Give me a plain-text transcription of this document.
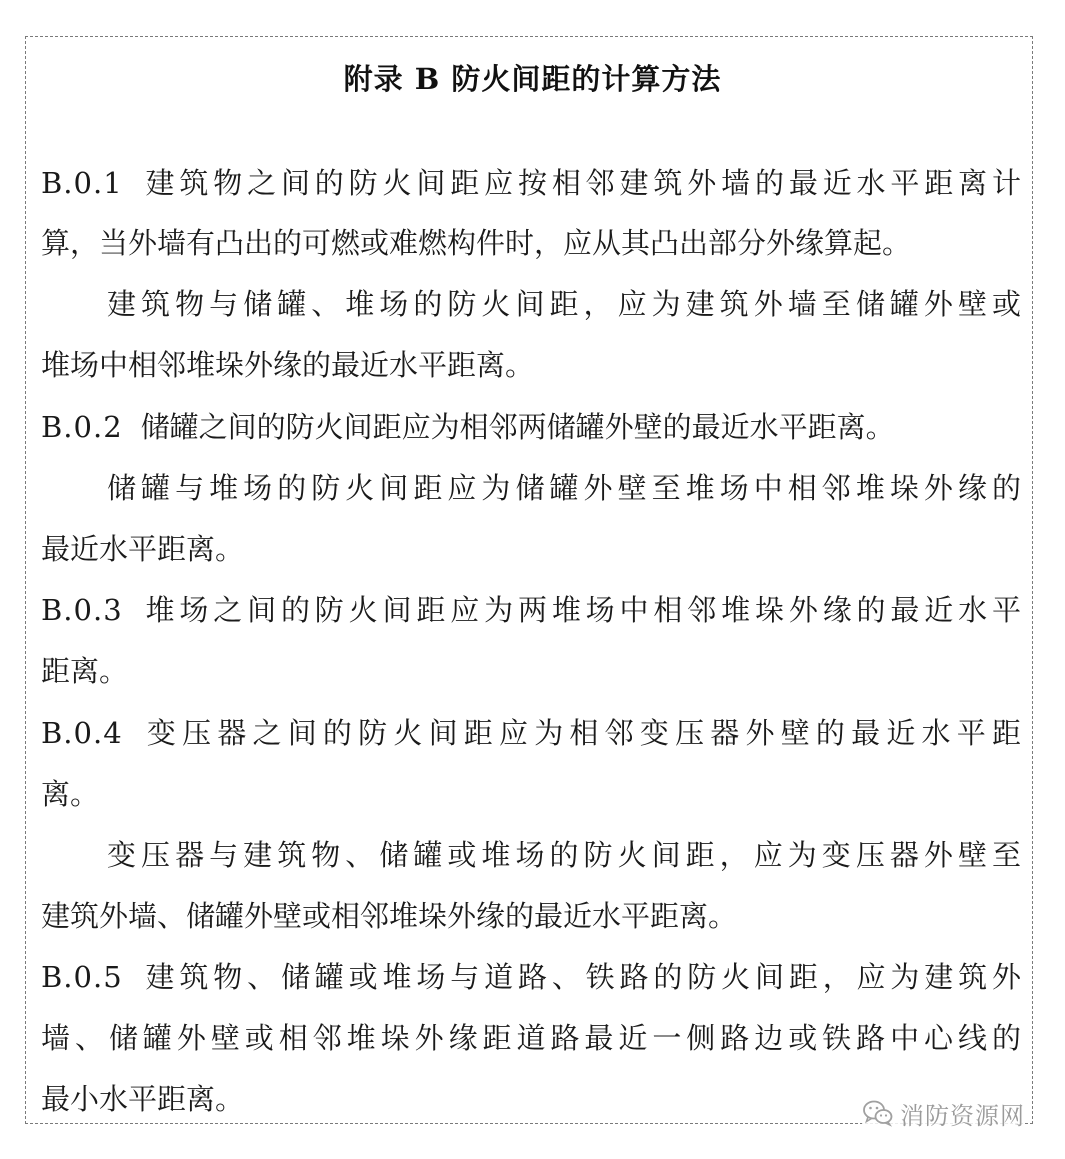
附录 B 防火间距的计算方法
B.0.1 建筑物之间的防火间距应按相邻建筑外墙的最近水平距离计
算，当外墙有凸出的可燃或难燃构件时，应从其凸出部分外缘算起。
建筑物与储罐、堆场的防火间距，应为建筑外墙至储罐外壁或
堆场中相邻堆垛外缘的最近水平距离。
B.0.2 储罐之间的防火间距应为相邻两储罐外壁的最近水平距离。
储罐与堆场的防火间距应为储罐外壁至堆场中相邻堆垛外缘的
最近水平距离。
B.0.3 堆场之间的防火间距应为两堆场中相邻堆垛外缘的最近水平
距离。
B.0.4 变压器之间的防火间距应为相邻变压器外壁的最近水平距
离。
变压器与建筑物、储罐或堆场的防火间距，应为变压器外壁至
建筑外墙、储罐外壁或相邻堆垛外缘的最近水平距离。
B.0.5 建筑物、储罐或堆场与道路、铁路的防火间距，应为建筑外
墙、储罐外壁或相邻堆垛外缘距道路最近一侧路边或铁路中心线的
最小水平距离。	消防资源网
